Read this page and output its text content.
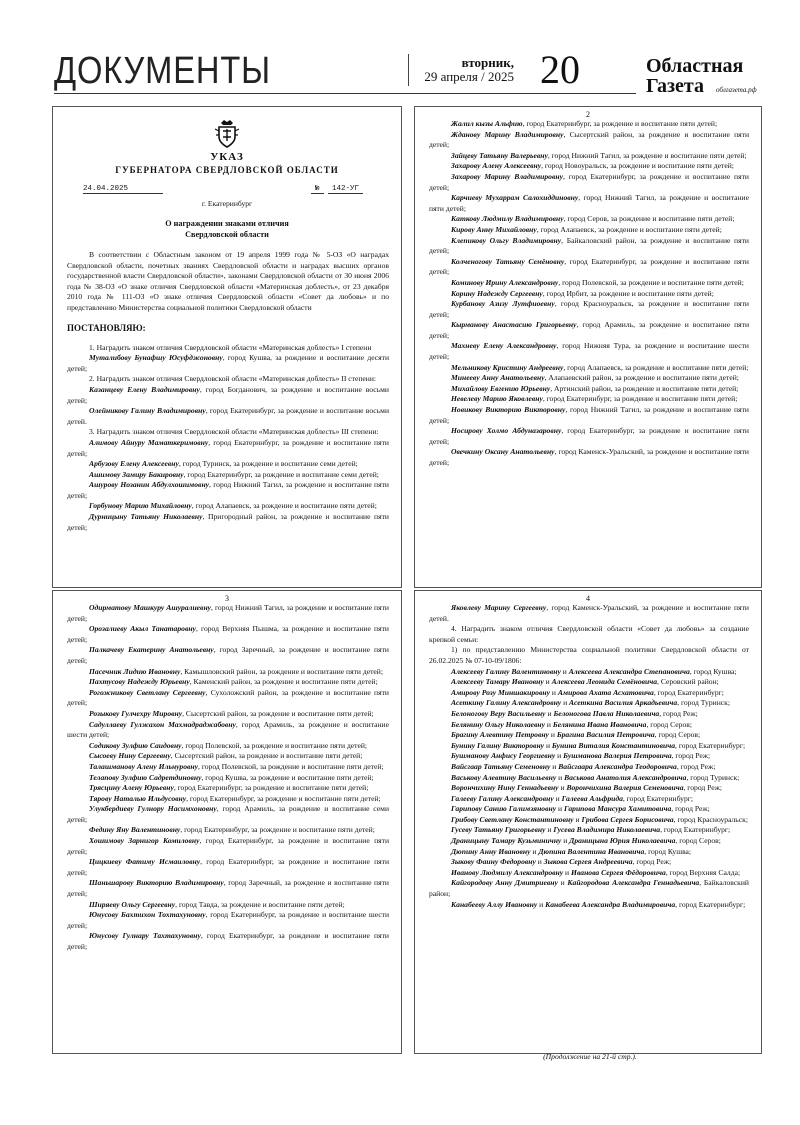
ДОКУМЕНТЫ	вторник,
29 апреля / 2025 20	Областная
Газета	облгазета.рф
УКАЗ
ГУБЕРНАТОРА СВЕРДЛОВСКОЙ ОБЛАСТИ
24.04.2025	№ 142-УГ
г. Екатеринбург
О награждении знаками отличия
Свердловской области

В соответствии с Областным законом от 19 апреля 1999 года № 5-ОЗ «О наградах Свердловской области, почетных званиях Свердловской области и наградах высших органов государственной власти Свердловской области», законами Свердловской области от 30 июня 2006 года № 38-ОЗ «О знаке отличия Свердловской области «Материнская доблесть», от 23 декабря 2010 года № 111-ОЗ «О знаке отличия Свердловской области «Совет да любовь» и по представлению Министерства социальной политики Свердловской области

ПОСТАНОВЛЯЮ:

1. Наградить знаком отличия Свердловской области «Материнская доблесть» I степени

Муталибову Бунафшу Юсуфджоновну, город Кушва, за рождение и воспитание десяти детей;

2. Наградить знаком отличия Свердловской области «Материнская доблесть» II степени:

Казанцеву Елену Владимировну, город Богданович, за рождение и воспитание восьми детей;

Олейникову Галину Владимировну, город Екатеринбург, за рождение и воспитание восьми детей.

3. Наградить знаком отличия Свердловской области «Материнская доблесть» III степени:

Алимову Айнуру Маматкеримовну, город Екатеринбург, за рождение и воспитание пяти детей;

Арбузову Елену Алексеевну, город Туринск, за рождение и воспитание семи детей;

Ашимову Замиру Бакировну, город Екатеринбург, за рождение и воспитание семи детей;

Ашурову Нозанин Абдулхошимовну, город Нижний Тагил, за рождение и воспитание пяти детей;

Горбунову Марию Михайловну, город Алапаевск, за рождение и воспитание пяти детей;

Дурницыну Татьяну Николаевну, Пригородный район, за рождение и воспитание пяти детей;

2

Жалил кызы Альфию, город Екатеринбург, за рождение и воспитание пяти детей;

Жданову Марину Владимировну, Сысертский район, за рождение и воспитание пяти детей;

Зайцеву Татьяну Валерьевну, город Нижний Тагил, за рождение и воспитание пяти детей;

Захарову Алену Алексеевну, город Новоуральск, за рождение и воспитание пяти детей;

Захарову Марину Владимировну, город Екатеринбург, за рождение и воспитание пяти детей;

Карчиеву Мухаррам Салохиддиновну, город Нижний Тагил, за рождение и воспитание пяти детей;

Каткову Людмилу Владимировну, город Серов, за рождение и воспитание пяти детей;

Кирову Анну Михайловну, город Алапаевск, за рождение и воспитание пяти детей;

Клепикову Ольгу Владимировну, Байкаловский район, за рождение и воспитание пяти детей;

Колченогову Татьяну Семёновну, город Екатеринбург, за рождение и воспитание пяти детей;

Коминову Ирину Александровну, город Полевской, за рождение и воспитание пяти детей;

Корину Надежду Сергеевну, город Ирбит, за рождение и воспитание пяти детей;

Курбанову Азизу Лутфиоевну, город Красноуральск, за рождение и воспитание пяти детей;

Кырманову Анастасию Григорьевну, город Арамиль, за рождение и воспитание пяти детей;

Махневу Елену Александровну, город Нижняя Тура, за рождение и воспитание шести детей;

Мельникову Кристину Андреевну, город Алапаевск, за рождение и воспитание пяти детей;

Минееву Анну Анатольевну, Алапаевский район, за рождение и воспитание пяти детей;

Михайлову Евгению Юрьевну, Артинский район, за рождение и воспитание пяти детей;

Невелеву Марию Яковлевну, город Екатеринбург, за рождение и воспитание пяти детей;

Новикову Викторию Викторовну, город Нижний Тагил, за рождение и воспитание пяти детей;

Носирову Холмо Абдуназаровну, город Екатеринбург, за рождение и воспитание пяти детей;

Овечкину Оксану Анатольевну, город Каменск-Уральский, за рождение и воспитание пяти детей;

3

Одирматову Машкуру Ашуралиевну, город Нижний Тагил, за рождение и воспитание пяти детей;

Орозалиеву Акыл Танатаровну, город Верхняя Пышма, за рождение и воспитание пяти детей;

Палкачеву Екатерину Анатольевну, город Заречный, за рождение и воспитание пяти детей;

Пасечник Лидию Ивановну, Камышловский район, за рождение и воспитание пяти детей;

Пахтусову Надежду Юрьевну, Каменский район, за рождение и воспитание пяти детей;

Рогожникову Светлану Сергеевну, Сухоложский район, за рождение и воспитание пяти детей;

Розыкову Гулчехру Мировну, Сысертский район, за рождение и воспитание пяти детей;

Садуллаеву Гулжахон Махмадраджабовну, город Арамиль, за рождение и воспитание шести детей;

Содикову Зулфию Саидовну, город Полевской, за рождение и воспитание пяти детей;

Сысоеву Нину Сергеевну, Сысертский район, за рождение и воспитание пяти детей;

Талашманову Алену Ильнуровну, город Полевской, за рождение и воспитание пяти детей;

Телапову Зулфию Садретдиновну, город Кушва, за рождение и воспитание пяти детей;

Трясцину Алену Юрьевну, город Екатеринбург, за рождение и воспитание пяти детей;

Тярову Наталью Ильдусовну, город Екатеринбург, за рождение и воспитание пяти детей;

Улукбердиеву Гулнору Насимхоновну, город Арамиль, за рождение и воспитание семи детей;

Федину Яну Валентиновну, город Екатеринбург, за рождение и воспитание пяти детей;

Хошимову Зарнигор Комиловну, город Екатеринбург, за рождение и воспитание пяти детей;

Цицкиеву Фатиму Исмаиловну, город Екатеринбург, за рождение и воспитание пяти детей;

Шаньшарову Викторию Владимировну, город Заречный, за рождение и воспитание пяти детей;

Ширяеву Ольгу Сергеевну, город Тавда, за рождение и воспитание пяти детей;

Юнусову Бахтихон Тохтахуновну, город Екатеринбург, за рождение и воспитание шести детей;

Юнусову Гулнару Тахтахуновну, город Екатеринбург, за рождение и воспитание пяти детей;

4

Яковлеву Марину Сергеевну, город Каменск-Уральский, за рождение и воспитание пяти детей.

4. Наградить знаком отличия Свердловской области «Совет да любовь» за создание крепкой семьи:

1) по представлению Министерства социальной политики Свердловской области от 26.02.2025 № 07-10-09/1806:

Алексееву Галину Валентиновну и Алексеева Александра Степановича, город Кушва;

Алексееву Тамару Ивановну и Алексеева Леонида Семёновича, Серовский район;

Амирову Розу Миншакировну и Амирова Ахата Асхатовича, город Екатеринбург;

Асеткину Галину Александровну и Асеткина Василия Аркадьевича, город Туринск;

Белоногову Веру Васильевну и Белоногова Павла Николаевича, город Реж;

Белянину Ольгу Николаевну и Белянина Ивана Ивановича, город Серов;

Брагину Алевтину Петровну и Брагина Василия Петровича, город Серов;

Бунину Галину Викторовну и Бунина Виталия Константиновича, город Екатеринбург;

Бушманову Анфису Георгиевну и Бушманова Валерия Петровича, город Реж;

Вайсгаар Татьяну Семеновну и Вайсгаара Александра Теодоровича, город Реж;

Васькову Алевтину Васильевну и Васькова Анатолия Александровича, город Туринск;

Ворончихину Нину Геннадьевну и Ворончихина Валерия Семеновича, город Реж;

Галееву Галину Александровну и Галеева Альфрида, город Екатеринбург;

Гарипову Санию Галимзяновну и Гарипова Мансура Хамитовича, город Реж;

Грибову Светлану Константиновну и Грибова Сергея Борисовича, город Красноуральск;

Гусеву Татьяну Григорьевну и Гусева Владимира Николаевича, город Екатеринбург;

Драницыну Тамару Кузьминичну и Драницына Юрия Николаевича, город Серов;

Дюпину Анну Ивановну и Дюпина Валентина Ивановича, город Кушва;

Зыкову Фаину Федоровну и Зыкова Сергея Андреевича, город Реж;

Иванову Людмилу Александровну и Иванова Сергея Фёдоровича, город Верхняя Салда;

Кайгородову Анну Дмитриевну и Кайгородова Александра Геннадьевича, Байкаловский район;

Канабееву Аллу Ивановну и Канабеева Александра Владимировича, город Екатеринбург;

(Продолжение на 21-й стр.).
